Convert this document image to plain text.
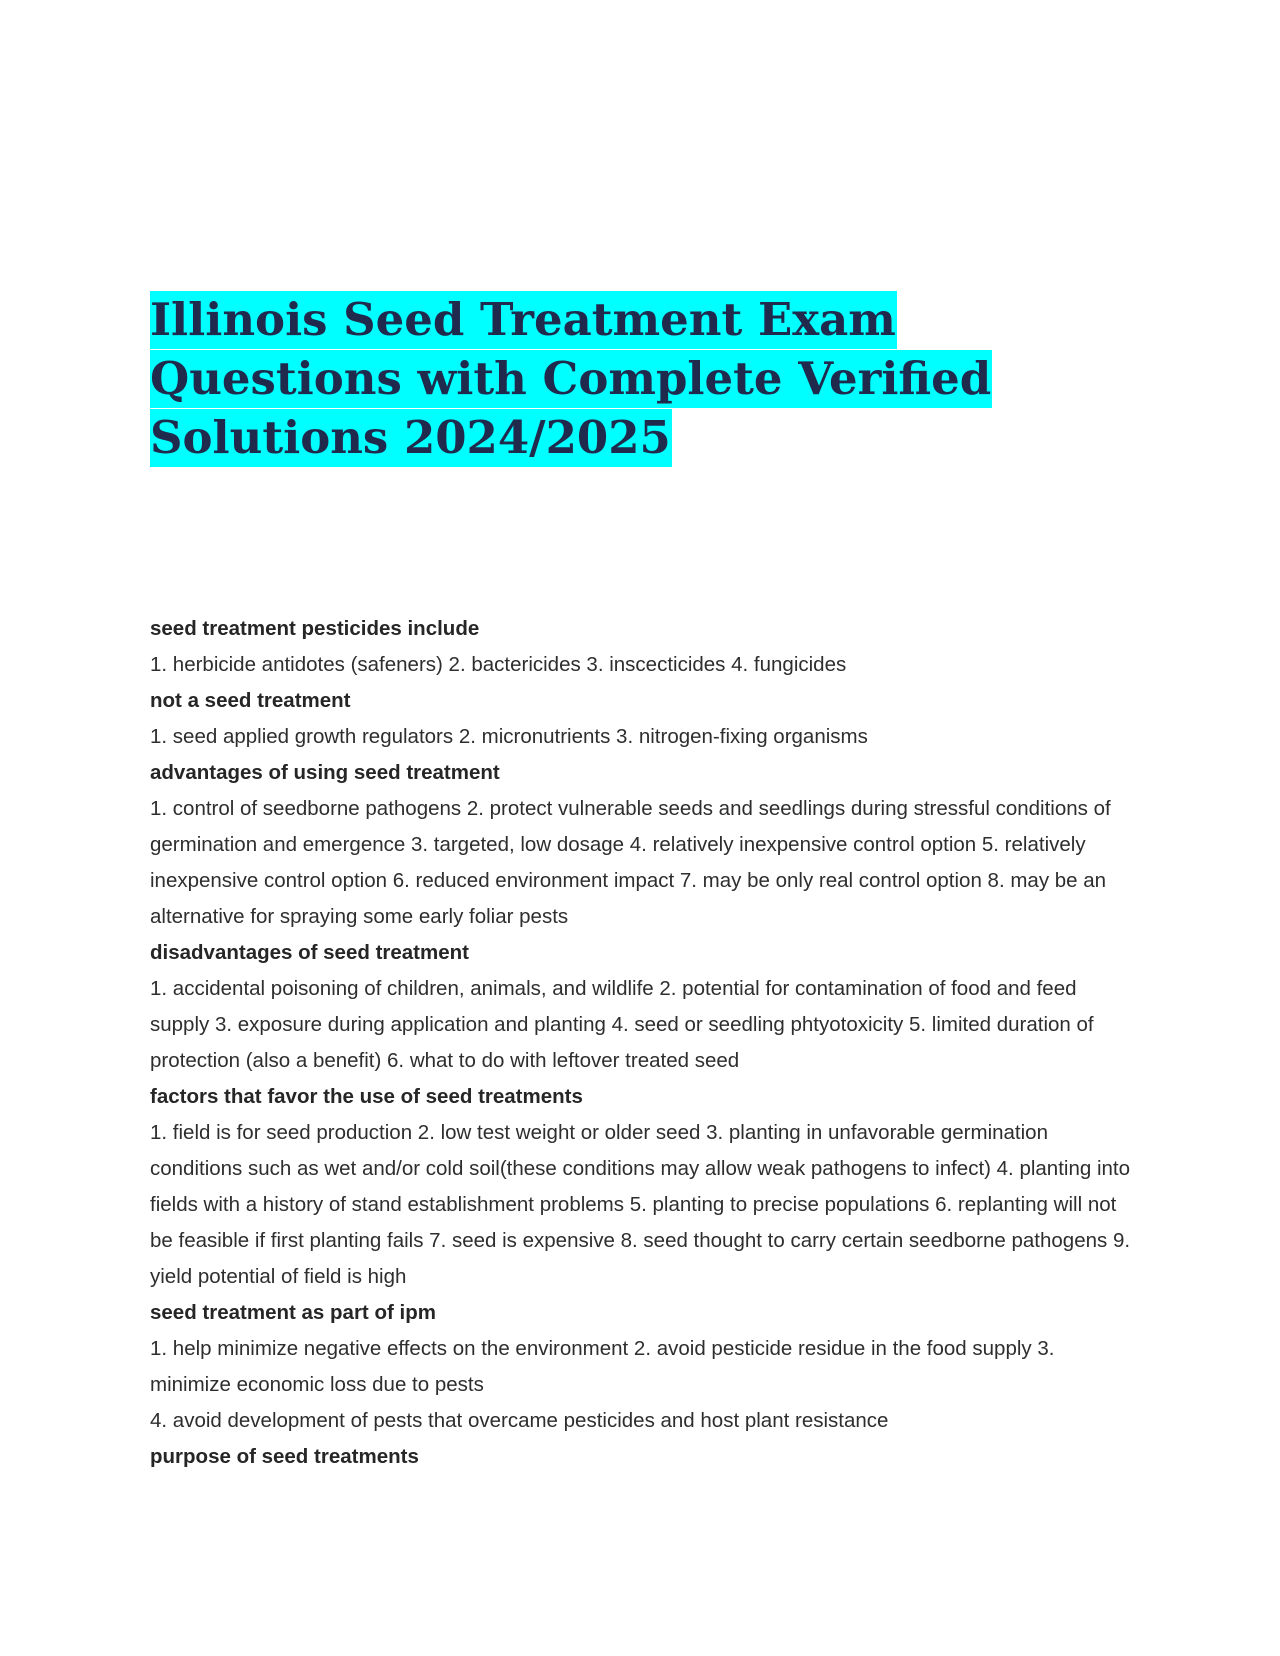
Illinois Seed Treatment Exam Questions with Complete Verified Solutions 2024/2025

seed treatment pesticides include

1. herbicide antidotes (safeners) 2. bactericides 3. inscecticides 4. fungicides

not a seed treatment

1. seed applied growth regulators 2. micronutrients 3. nitrogen-fixing organisms

advantages of using seed treatment

1. control of seedborne pathogens 2. protect vulnerable seeds and seedlings during stressful conditions of germination and emergence 3. targeted, low dosage 4. relatively inexpensive control option 5. relatively inexpensive control option 6. reduced environment impact 7. may be only real control option 8. may be an alternative for spraying some early foliar pests

disadvantages of seed treatment

1. accidental poisoning of children, animals, and wildlife 2. potential for contamination of food and feed supply 3. exposure during application and planting 4. seed or seedling phtyotoxicity 5. limited duration of protection (also a benefit) 6. what to do with leftover treated seed

factors that favor the use of seed treatments

1. field is for seed production 2. low test weight or older seed 3. planting in unfavorable germination conditions such as wet and/or cold soil(these conditions may allow weak pathogens to infect) 4. planting into fields with a history of stand establishment problems 5. planting to precise populations 6. replanting will not be feasible if first planting fails 7. seed is expensive 8. seed thought to carry certain seedborne pathogens 9. yield potential of field is high

seed treatment as part of ipm

1. help minimize negative effects on the environment 2. avoid pesticide residue in the food supply 3. minimize economic loss due to pests

4. avoid development of pests that overcame pesticides and host plant resistance

purpose of seed treatments
